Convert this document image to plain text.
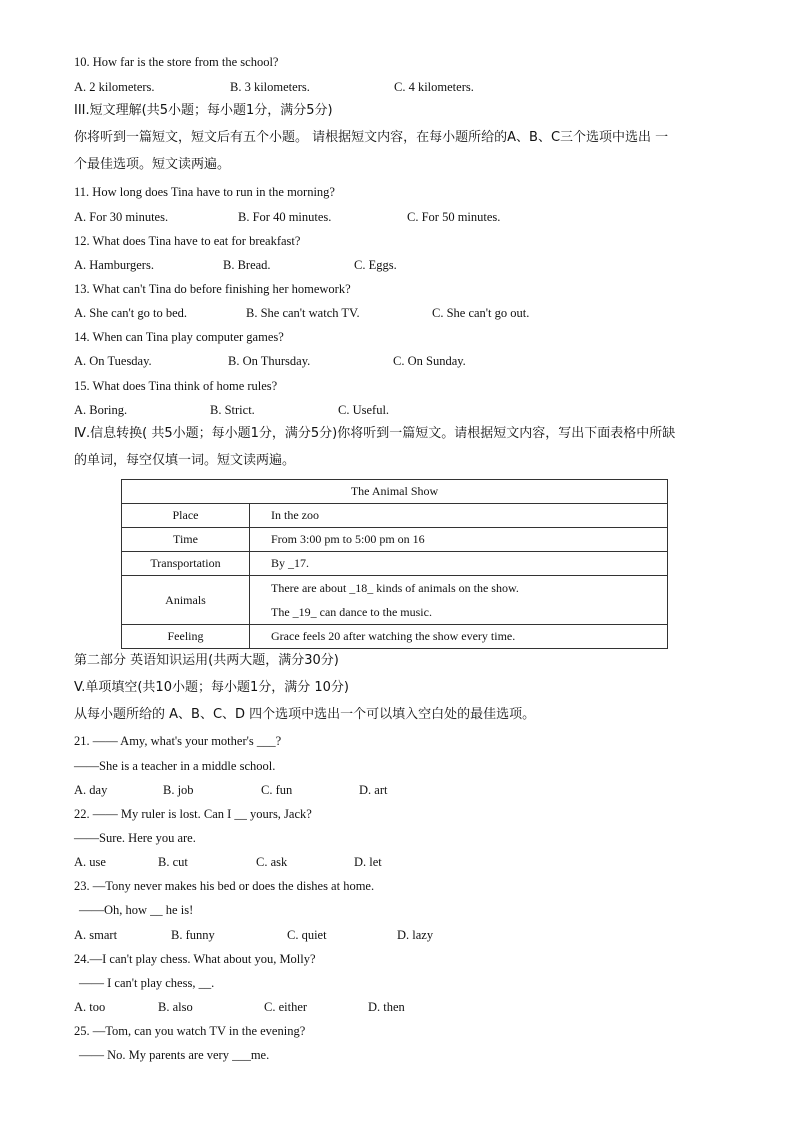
10. How far is the store from the school?
A. 2 kilometers.	B. 3 kilometers.	C. 4 kilometers.
III.短文理解(共5小题；每小题1分，满分5分)
你将听到一篇短文，短文后有五个小题。 请根据短文内容，在每小题所给的A、B、C三个选项中选出 一
个最佳选项。短文读两遍。
11. How long does Tina have to run in the morning?
A. For 30 minutes.	B. For 40 minutes.	C. For 50 minutes.
12. What does Tina have to eat for breakfast?
A. Hamburgers.	B. Bread.	C. Eggs.
13. What can't Tina do before finishing her homework?
A. She can't go to bed.	B. She can't watch TV.	C. She can't go out.
14. When can Tina play computer games?
A. On Tuesday.	B. On Thursday.	C. On Sunday.
15. What does Tina think of home rules?
A. Boring.	B. Strict.	C. Useful.
Ⅳ.信息转换( 共5小题；每小题1分，满分5分)你将听到一篇短文。请根据短文内容，写出下面表格中所缺
的单词，每空仅填一词。短文读两遍。
The Animal Show	
Place	In the zoo
Time	From 3:00 pm to 5:00 pm on 16
Transportation	By _17.
Animals	There are about _18_ kinds of animals on the show.
The _19_ can dance to the music.

Feeling	Grace feels 20 after watching the show every time.
第二部分 英语知识运用(共两大题，满分30分)
V.单项填空(共10小题；每小题1分，满分 10分)
从每小题所给的 A、B、C、D 四个选项中选出一个可以填入空白处的最佳选项。
21. —— Amy, what's your mother's ___?
——She is a teacher in a middle school.
A. day	B. job	C. fun	D. art
22. —— My ruler is lost. Can I __ yours, Jack?
——Sure. Here you are.
A. use	B. cut	C. ask	D. let
23. —Tony never makes his bed or does the dishes at home.
——Oh, how __ he is!
A. smart	B. funny	C. quiet	D. lazy
24.—I can't play chess. What about you, Molly?
—— I can't play chess, __.
A. too	B. also	C. either	D. then
25. —Tom, can you watch TV in the evening?
—— No. My parents are very ___me.
